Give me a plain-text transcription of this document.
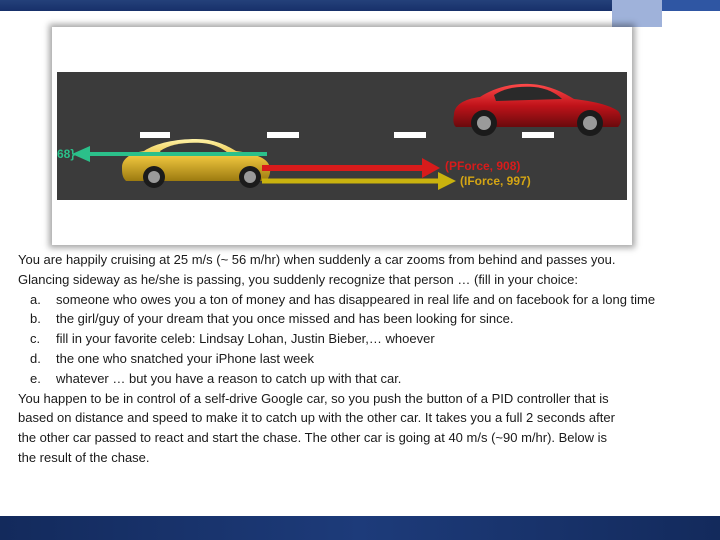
68}
(PForce, 908)
(IForce, 997)

You are happily cruising at 25 m/s (~ 56 m/hr) when suddenly a car zooms from behind and passes you.

Glancing sideway as he/she is passing, you suddenly recognize that person … (fill in your choice:

a. someone who owes you a ton of money and has disappeared in real life and on facebook for a long time
b. the girl/guy of your dream that you once missed and has been looking for since.
c. fill in your favorite celeb: Lindsay Lohan, Justin Bieber,… whoever
d. the one who snatched your iPhone last week
e. whatever … but you have a reason to catch up with that car.

You happen to be in control of a self-drive Google car, so you push the button of a PID controller that is

based on distance and speed to make it to catch up with the other car. It takes you a full 2 seconds after

the other car passed to react and start the chase. The other car is going at 40 m/s (~90 m/hr). Below is

the result of the chase.
